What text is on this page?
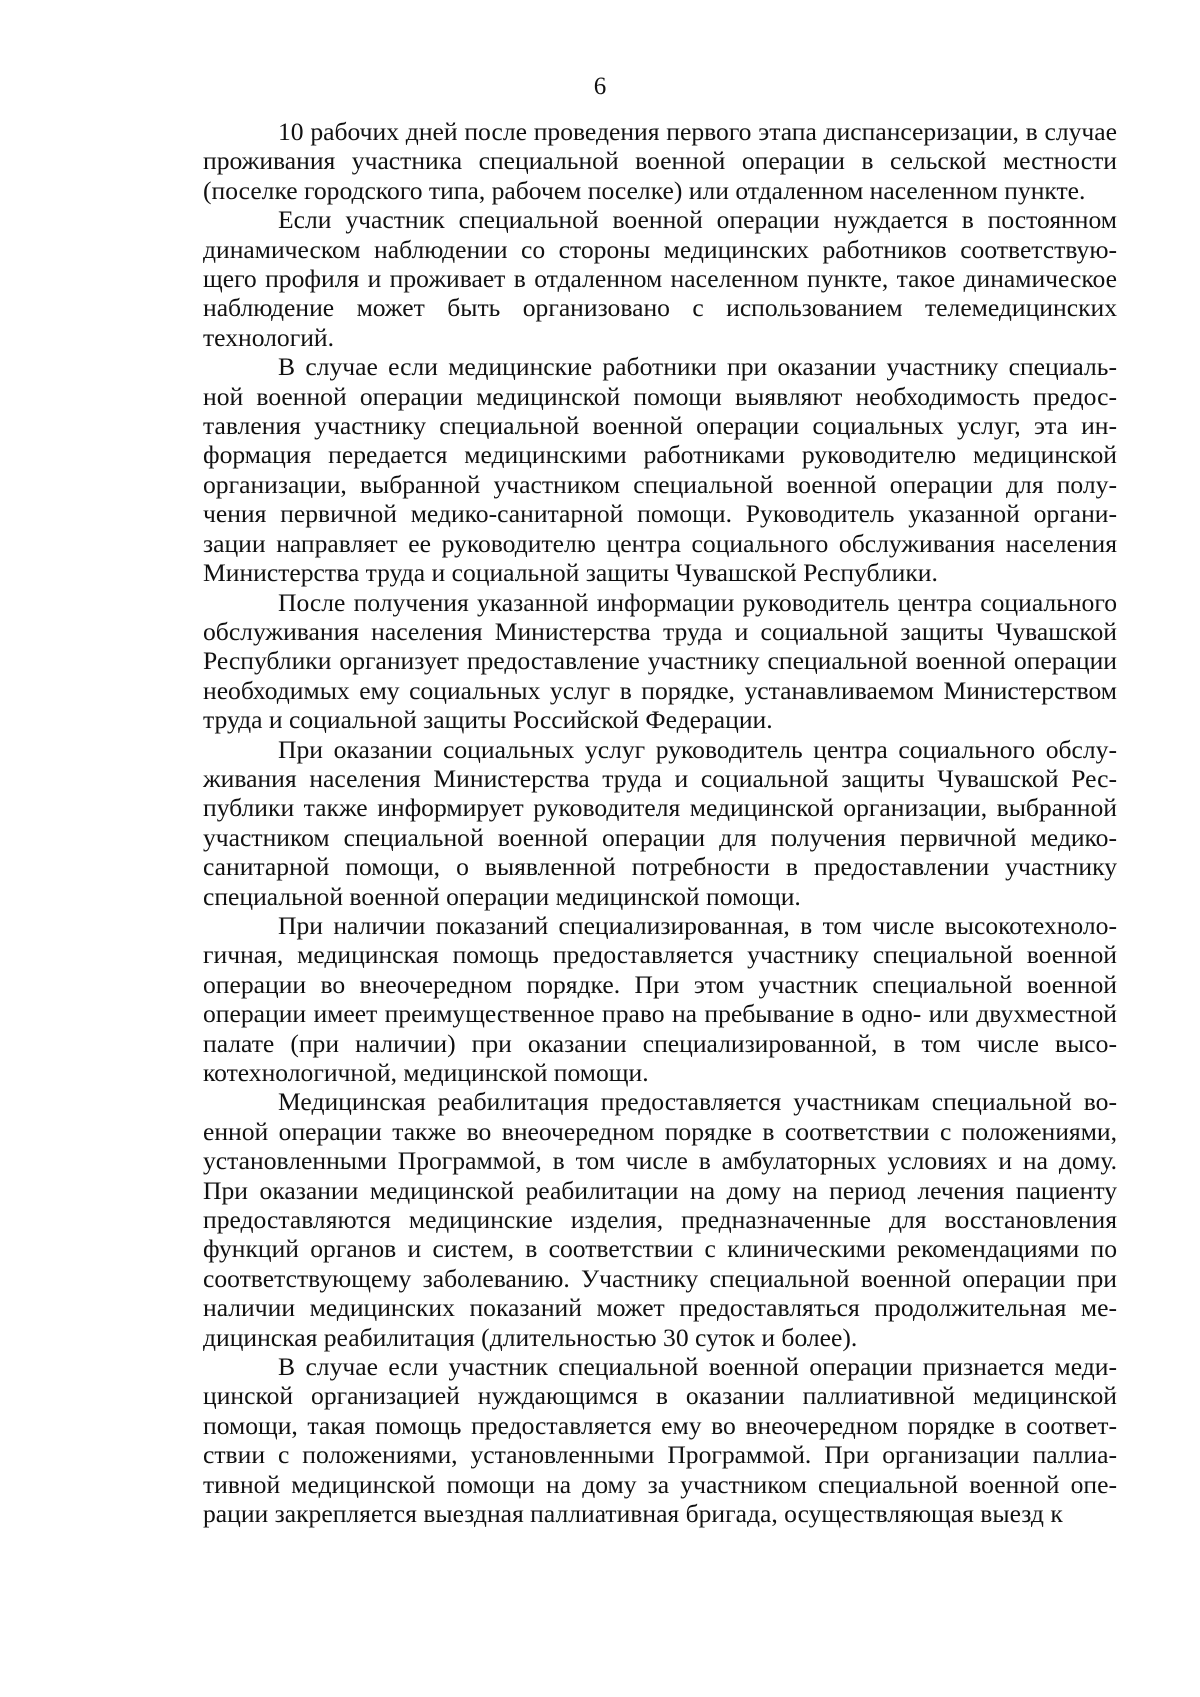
6

10 рабочих дней после проведения первого этапа диспансеризации, в случае проживания участника специальной военной операции в сельской местности (поселке городского типа, рабочем поселке) или отдаленном населенном пункте.

Если участник специальной военной операции нуждается в постоянном динамическом наблюдении со стороны медицинских работников соответствующего профиля и проживает в отдаленном населенном пункте, такое динамическое наблюдение может быть организовано с использованием телемедицинских технологий.

В случае если медицинские работники при оказании участнику специальной военной операции медицинской помощи выявляют необходимость предоставления участнику специальной военной операции социальных услуг, эта информация передается медицинскими работниками руководителю медицинской организации, выбранной участником специальной военной операции для получения первичной медико-санитарной помощи. Руководитель указанной организации направляет ее руководителю центра социального обслуживания населения Министерства труда и социальной защиты Чувашской Республики.

После получения указанной информации руководитель центра социального обслуживания населения Министерства труда и социальной защиты Чувашской Республики организует предоставление участнику специальной военной операции необходимых ему социальных услуг в порядке, устанавливаемом Министерством труда и социальной защиты Российской Федерации.

При оказании социальных услуг руководитель центра социального обслуживания населения Министерства труда и социальной защиты Чувашской Республики также информирует руководителя медицинской организации, выбранной участником специальной военной операции для получения первичной медико-санитарной помощи, о выявленной потребности в предоставлении участнику специальной военной операции медицинской помощи.

При наличии показаний специализированная, в том числе высокотехнологичная, медицинская помощь предоставляется участнику специальной военной операции во внеочередном порядке. При этом участник специальной военной операции имеет преимущественное право на пребывание в одно- или двухместной палате (при наличии) при оказании специализированной, в том числе высокотехнологичной, медицинской помощи.

Медицинская реабилитация предоставляется участникам специальной военной операции также во внеочередном порядке в соответствии с положениями, установленными Программой, в том числе в амбулаторных условиях и на дому. При оказании медицинской реабилитации на дому на период лечения пациенту предоставляются медицинские изделия, предназначенные для восстановления функций органов и систем, в соответствии с клиническими рекомендациями по соответствующему заболеванию. Участнику специальной военной операции при наличии медицинских показаний может предоставляться продолжительная медицинская реабилитация (длительностью 30 суток и более).

В случае если участник специальной военной операции признается медицинской организацией нуждающимся в оказании паллиативной медицинской помощи, такая помощь предоставляется ему во внеочередном порядке в соответствии с положениями, установленными Программой. При организации паллиативной медицинской помощи на дому за участником специальной военной операции закрепляется выездная паллиативная бригада, осуществляющая выезд к
